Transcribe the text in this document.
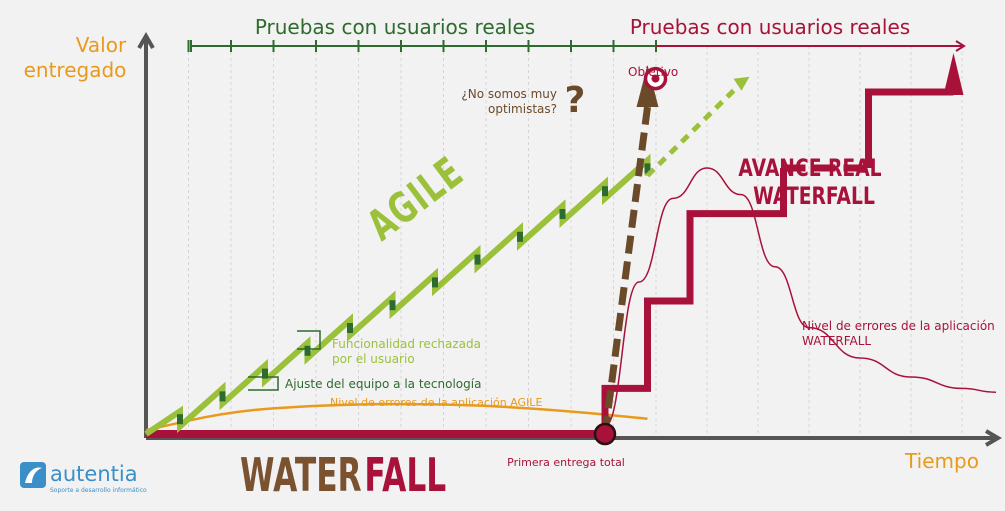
Valor
entregado
Tiempo
Pruebas con usuarios reales	Pruebas con usuarios reales
AGILE
Objetivo
?
¿No somos muy
optimistas?
AVANCE REAL
WATERFALL
Nivel de errores de la aplicación
WATERFALL
Nivel de errores de la aplicación AGILE
Funcionalidad rechazada
por el usuario
Ajuste del equipo a la tecnología
Primera entrega total
WATER FALL
autentia
Soporte a desarrollo informático
